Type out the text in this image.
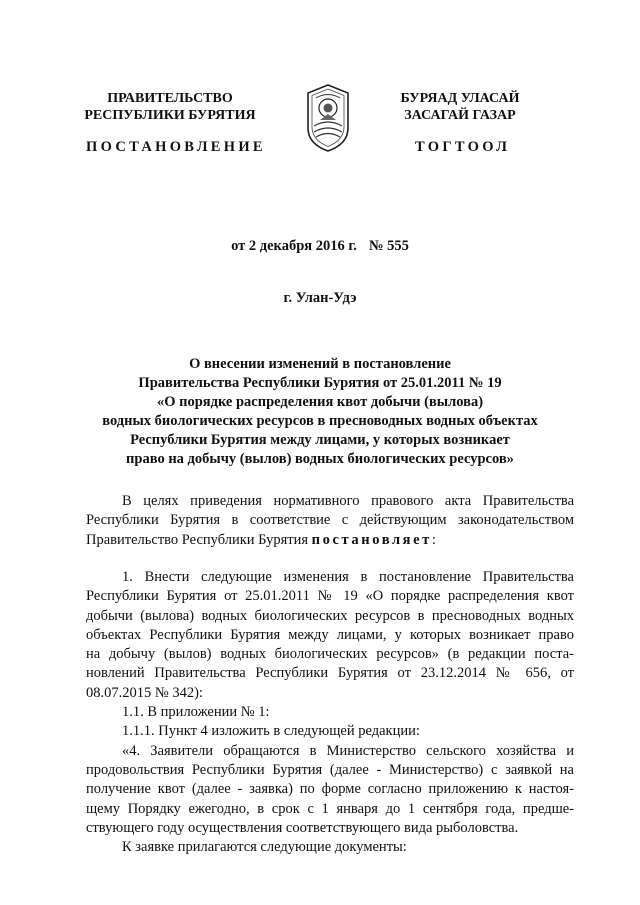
ПРАВИТЕЛЬСТВО
РЕСПУБЛИКИ БУРЯТИЯ
ПОСТАНОВЛЕНИЕ
БУРЯАД УЛАСАЙ
ЗАСАГАЙ ГАЗАР
ТОГТООЛ
от 2 декабря 2016 г. № 555
г. Улан-Удэ
О внесении изменений в постановление
Правительства Республики Бурятия от 25.01.2011 № 19
«О порядке распределения квот добычи (вылова)
водных биологических ресурсов в пресноводных водных объектах
Республики Бурятия между лицами, у которых возникает
право на добычу (вылов) водных биологических ресурсов»
В целях приведения нормативного правового акта Правительства
Республики Бурятия в соответствие с действующим законодательством
Правительство Республики Бурятия постановляет:
1. Внести следующие изменения в постановление Правительства
Республики Бурятия от 25.01.2011 № 19 «О порядке распределения квот
добычи (вылова) водных биологических ресурсов в пресноводных водных
объектах Республики Бурятия между лицами, у которых возникает право
на добычу (вылов) водных биологических ресурсов» (в редакции поста-
новлений Правительства Республики Бурятия от 23.12.2014 № 656, от
08.07.2015 № 342):
1.1. В приложении № 1:
1.1.1. Пункт 4 изложить в следующей редакции:
«4. Заявители обращаются в Министерство сельского хозяйства и
продовольствия Республики Бурятия (далее - Министерство) с заявкой на
получение квот (далее - заявка) по форме согласно приложению к настоя-
щему Порядку ежегодно, в срок с 1 января до 1 сентября года, предше-
ствующего году осуществления соответствующего вида рыболовства.
К заявке прилагаются следующие документы:
